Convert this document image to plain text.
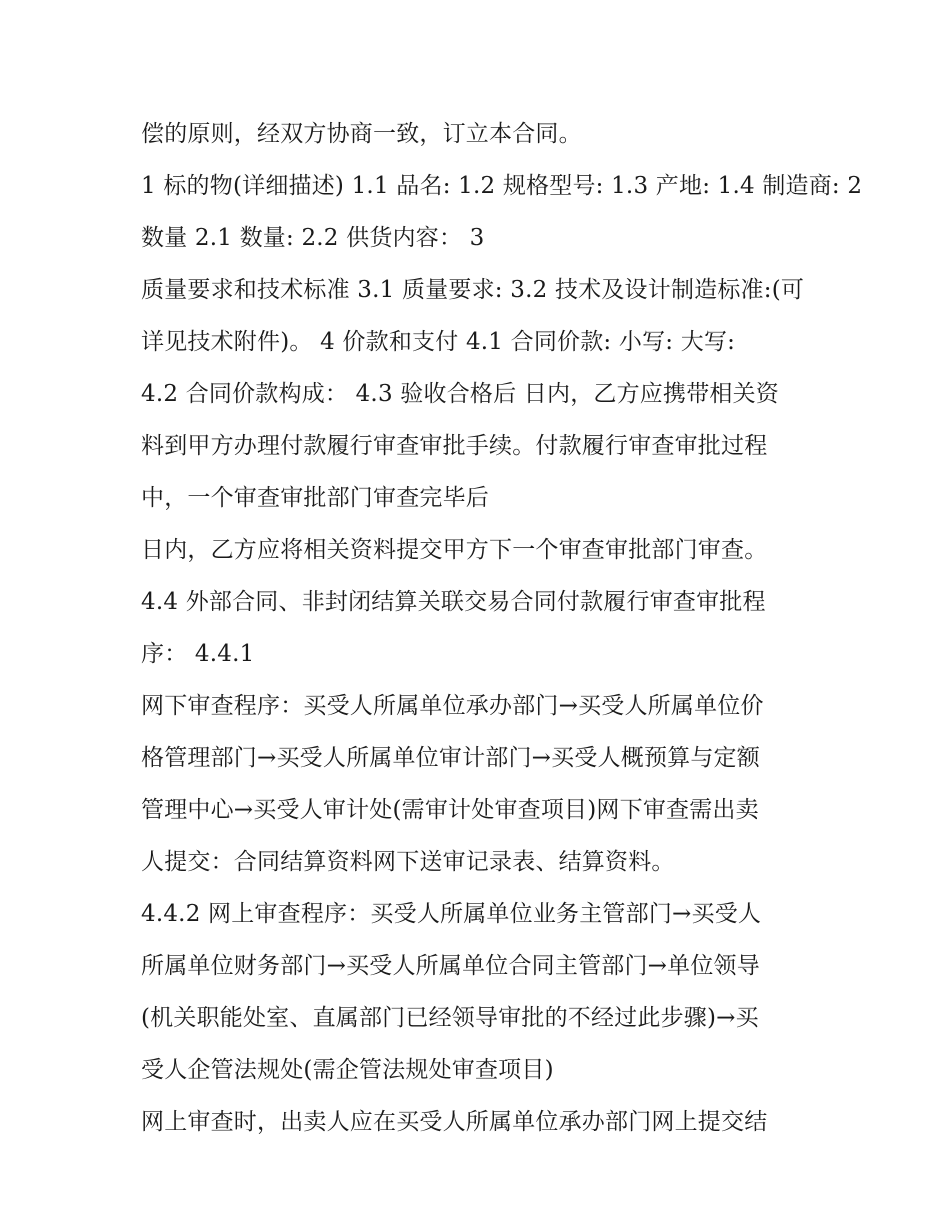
偿的原则，经双方协商一致，订立本合同。
1 标的物(详细描述) 1.1 品名: 1.2 规格型号: 1.3 产地: 1.4 制造商: 2
数量 2.1 数量: 2.2 供货内容： 3
质量要求和技术标准 3.1 质量要求: 3.2 技术及设计制造标准:(可
详见技术附件)。 4 价款和支付 4.1 合同价款: 小写: 大写:
4.2 合同价款构成： 4.3 验收合格后 日内，乙方应携带相关资
料到甲方办理付款履行审查审批手续。付款履行审查审批过程
中，一个审查审批部门审查完毕后
日内，乙方应将相关资料提交甲方下一个审查审批部门审查。
4.4 外部合同、非封闭结算关联交易合同付款履行审查审批程
序： 4.4.1
网下审查程序：买受人所属单位承办部门→买受人所属单位价
格管理部门→买受人所属单位审计部门→买受人概预算与定额
管理中心→买受人审计处(需审计处审查项目)网下审查需出卖
人提交：合同结算资料网下送审记录表、结算资料。
4.4.2 网上审查程序：买受人所属单位业务主管部门→买受人
所属单位财务部门→买受人所属单位合同主管部门→单位领导
(机关职能处室、直属部门已经领导审批的不经过此步骤)→买
受人企管法规处(需企管法规处审查项目)
网上审查时，出卖人应在买受人所属单位承办部门网上提交结
